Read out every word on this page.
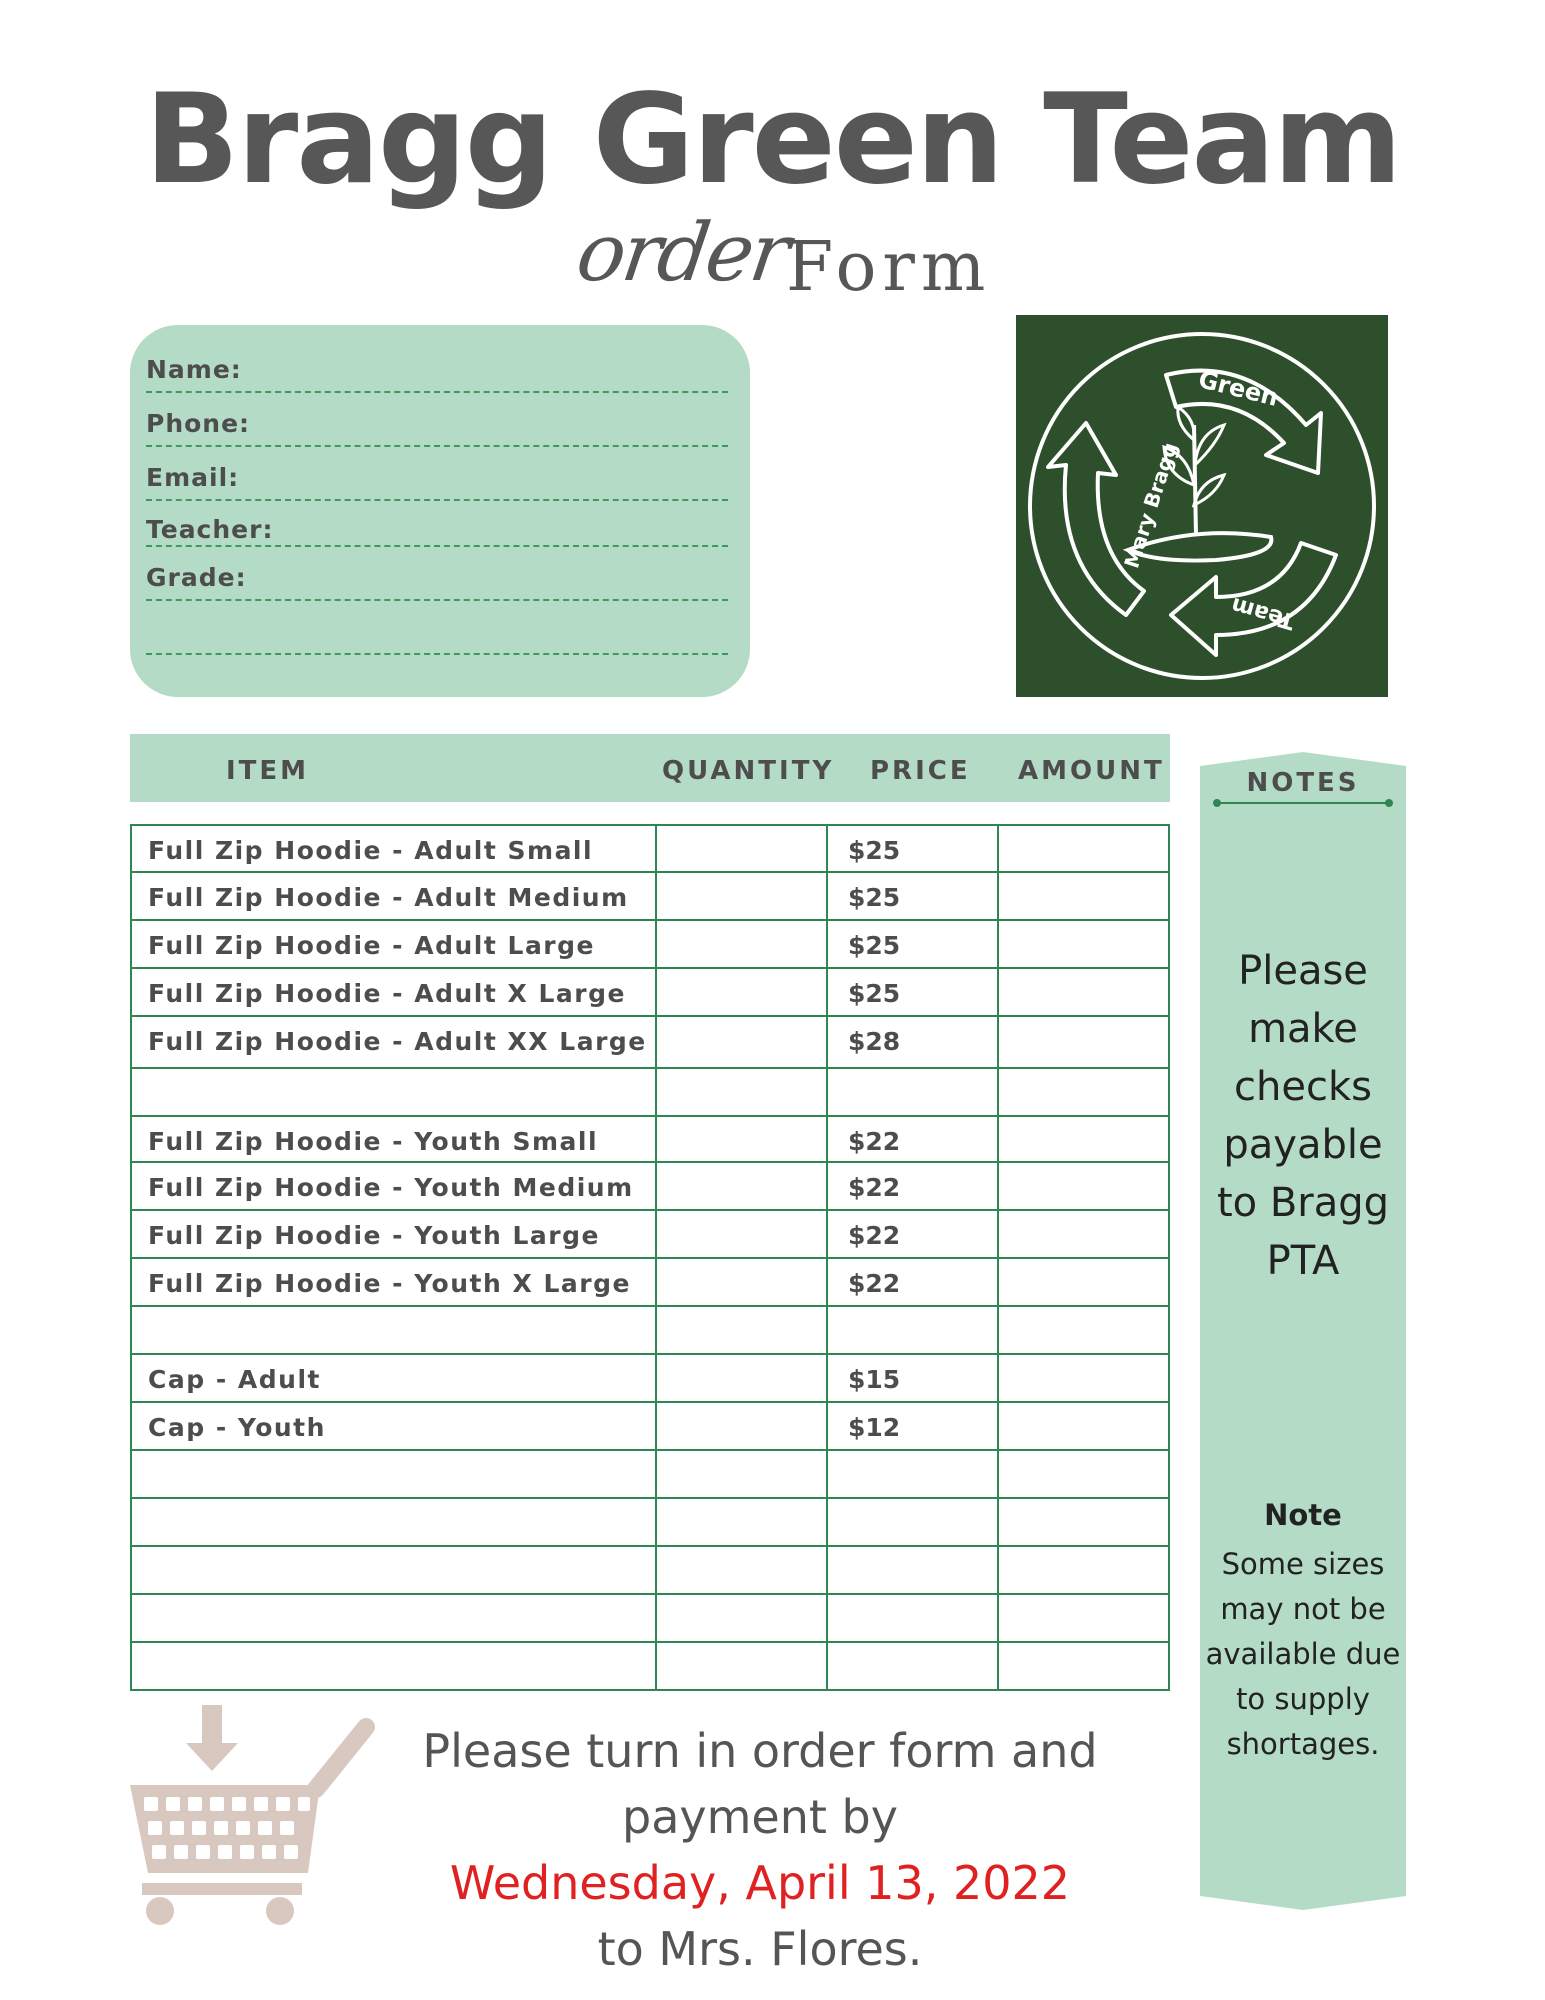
Bragg Green Team
order
Form
Name:
Phone:
Email:
Teacher:
Grade:
Green
Mary Bragg
Team
ITEM	QUANTITY PRICE AMOUNT
Full Zip Hoodie - Adult Small	$25
Full Zip Hoodie - Adult Medium	$25
Full Zip Hoodie - Adult Large	$25
Full Zip Hoodie - Adult X Large	$25
Full Zip Hoodie - Adult XX Large	$28
Full Zip Hoodie - Youth Small	$22
Full Zip Hoodie - Youth Medium	$22
Full Zip Hoodie - Youth Large	$22
Full Zip Hoodie - Youth X Large	$22
Cap - Adult	$15
Cap - Youth	$12
NOTES
Please make checks payable to Bragg PTA
Note
Some sizes may not be available due to supply shortages.
Please turn in order form and
payment by
Wednesday, April 13, 2022
to Mrs. Flores.
